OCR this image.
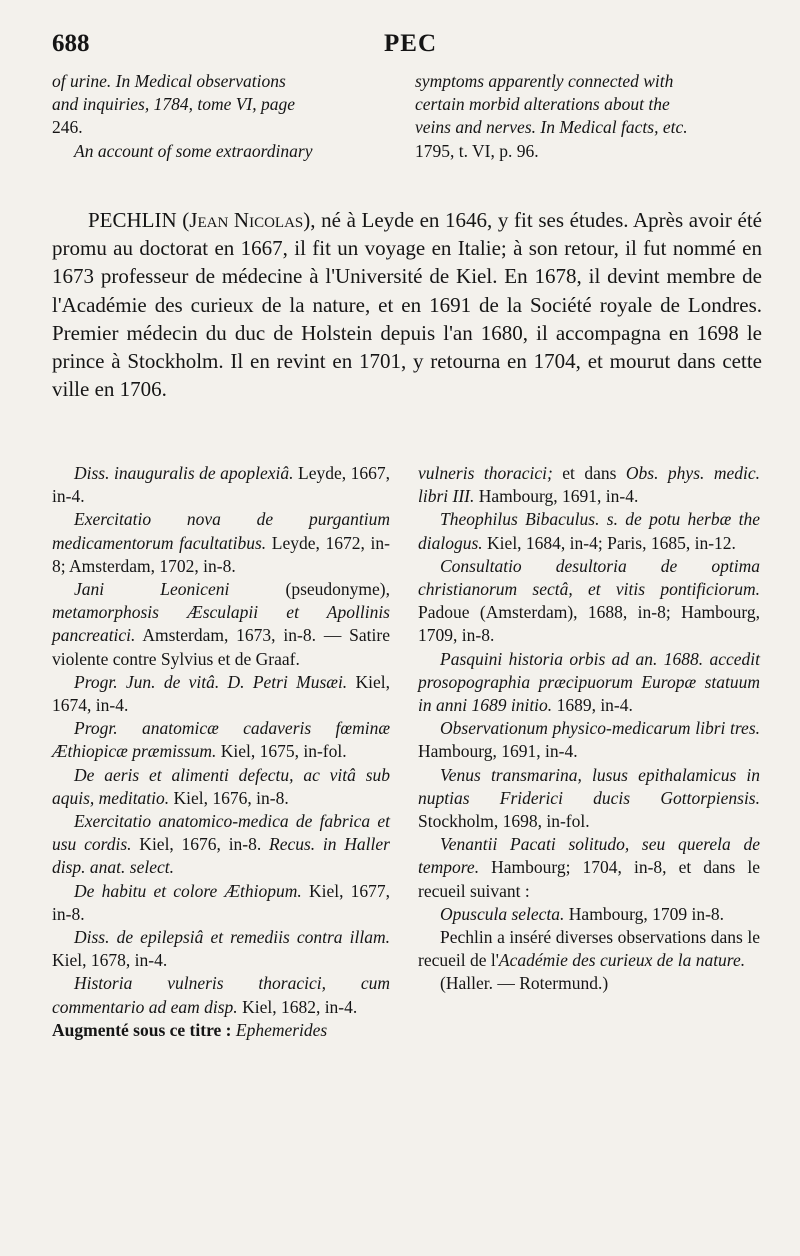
688	PEC

of urine. In Medical observations

and inquiries, 1784, tome VI, page

246.

An account of some extraordinary

symptoms apparently connected with

certain morbid alterations about the

veins and nerves. In Medical facts, etc.

1795, t. VI, p. 96.

PECHLIN (Jean Nicolas), né à Leyde en 1646, y fit ses études. Après avoir été promu au doctorat en 1667, il fit un voyage en Italie; à son retour, il fut nommé en 1673 professeur de médecine à l'Université de Kiel. En 1678, il devint membre de l'Académie des curieux de la nature, et en 1691 de la Société royale de Londres. Premier médecin du duc de Holstein depuis l'an 1680, il accompagna en 1698 le prince à Stockholm. Il en revint en 1701, y retourna en 1704, et mourut dans cette ville en 1706.

Diss. inauguralis de apoplexiâ. Leyde, 1667, in-4.

Exercitatio nova de purgantium medicamentorum facultatibus. Leyde, 1672, in-8; Amsterdam, 1702, in-8.

Jani Leoniceni (pseudonyme), metamorphosis Æsculapii et Apollinis pancreatici. Amsterdam, 1673, in-8. — Satire violente contre Sylvius et de Graaf.

Progr. Jun. de vitâ. D. Petri Musæi. Kiel, 1674, in-4.

Progr. anatomicæ cadaveris fœminæ Æthiopicæ præmissum. Kiel, 1675, in-fol.

De aeris et alimenti defectu, ac vitâ sub aquis, meditatio. Kiel, 1676, in-8.

Exercitatio anatomico-medica de fabrica et usu cordis. Kiel, 1676, in-8. Recus. in Haller disp. anat. select.

De habitu et colore Æthiopum. Kiel, 1677, in-8.

Diss. de epilepsiâ et remediis contra illam. Kiel, 1678, in-4.

Historia vulneris thoracici, cum commentario ad eam disp. Kiel, 1682, in-4.

Augmenté sous ce titre : Ephemerides

vulneris thoracici; et dans Obs. phys. medic. libri III. Hambourg, 1691, in-4.

Theophilus Bibaculus. s. de potu herbæ the dialogus. Kiel, 1684, in-4; Paris, 1685, in-12.

Consultatio desultoria de optima christianorum sectâ, et vitis pontificiorum. Padoue (Amsterdam), 1688, in-8; Hambourg, 1709, in-8.

Pasquini historia orbis ad an. 1688. accedit prosopographia præcipuorum Europæ statuum in anni 1689 initio. 1689, in-4.

Observationum physico-medicarum libri tres. Hambourg, 1691, in-4.

Venus transmarina, lusus epithalamicus in nuptias Friderici ducis Gottorpiensis. Stockholm, 1698, in-fol.

Venantii Pacati solitudo, seu querela de tempore. Hambourg; 1704, in-8, et dans le recueil suivant :

Opuscula selecta. Hambourg, 1709 in-8.

Pechlin a inséré diverses observations dans le recueil de l'Académie des curieux de la nature.

(Haller. — Rotermund.)
